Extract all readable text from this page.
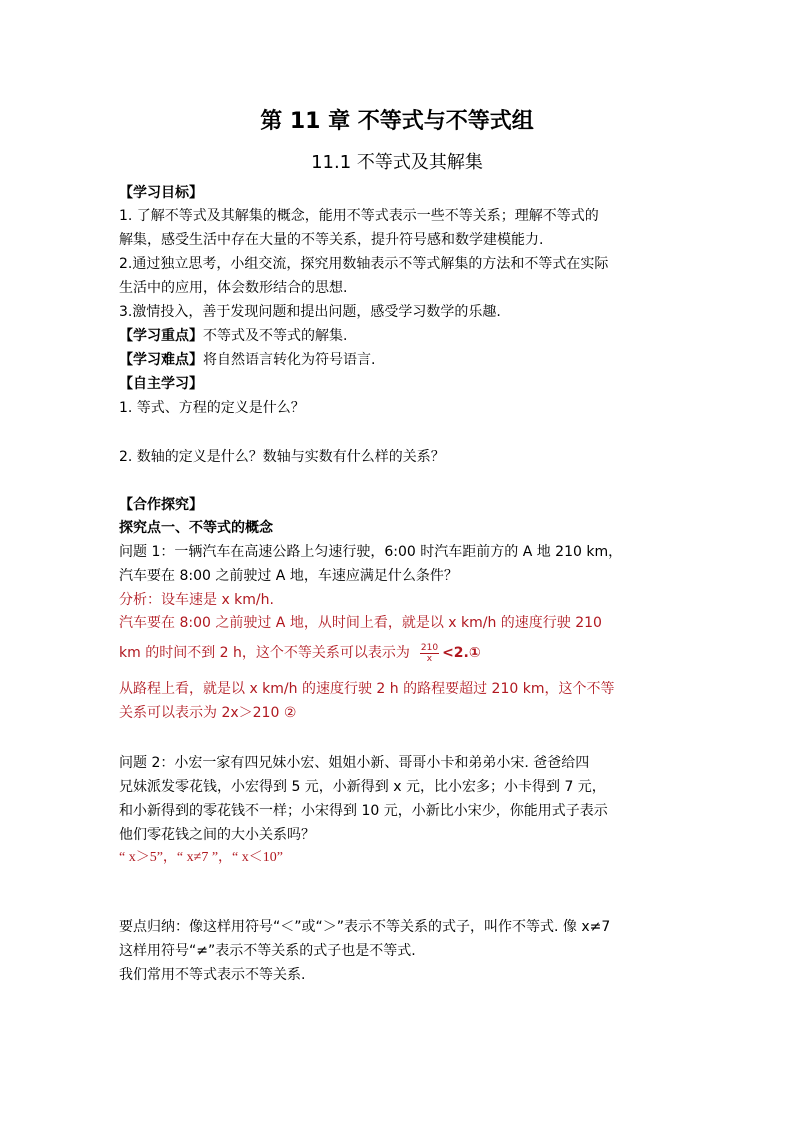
第 11 章 不等式与不等式组
11.1 不等式及其解集
【学习目标】
1. 了解不等式及其解集的概念，能用不等式表示一些不等关系；理解不等式的
解集，感受生活中存在大量的不等关系，提升符号感和数学建模能力.
2.通过独立思考，小组交流，探究用数轴表示不等式解集的方法和不等式在实际
生活中的应用，体会数形结合的思想.
3.激情投入，善于发现问题和提出问题，感受学习数学的乐趣.
【学习重点】不等式及不等式的解集.
【学习难点】将自然语言转化为符号语言.
【自主学习】
1. 等式、方程的定义是什么？
2. 数轴的定义是什么？数轴与实数有什么样的关系？
【合作探究】
探究点一、不等式的概念
问题 1：一辆汽车在高速公路上匀速行驶，6:00 时汽车距前方的 A 地 210 km，
汽车要在 8:00 之前驶过 A 地，车速应满足什么条件？
分析：设车速是 x km/h.
汽车要在 8:00 之前驶过 A 地，从时间上看，就是以 x km/h 的速度行驶 210
km 的时间不到 2 h，这个不等关系可以表示为 $\frac{210}{x}$ <2.①
从路程上看，就是以 x km/h 的速度行驶 2 h 的路程要超过 210 km，这个不等
关系可以表示为 2x＞210 ②
问题 2：小宏一家有四兄妹小宏、姐姐小新、哥哥小卡和弟弟小宋. 爸爸给四
兄妹派发零花钱，小宏得到 5 元，小新得到 x 元，比小宏多；小卡得到 7 元，
和小新得到的零花钱不一样；小宋得到 10 元，小新比小宋少，你能用式子表示
他们零花钱之间的大小关系吗？
“ x＞5”，“ x≠7 ”，“ x＜10”
要点归纳：像这样用符号“＜”或“＞”表示不等关系的式子，叫作不等式. 像 x≠7
这样用符号“≠”表示不等关系的式子也是不等式.
我们常用不等式表示不等关系.
